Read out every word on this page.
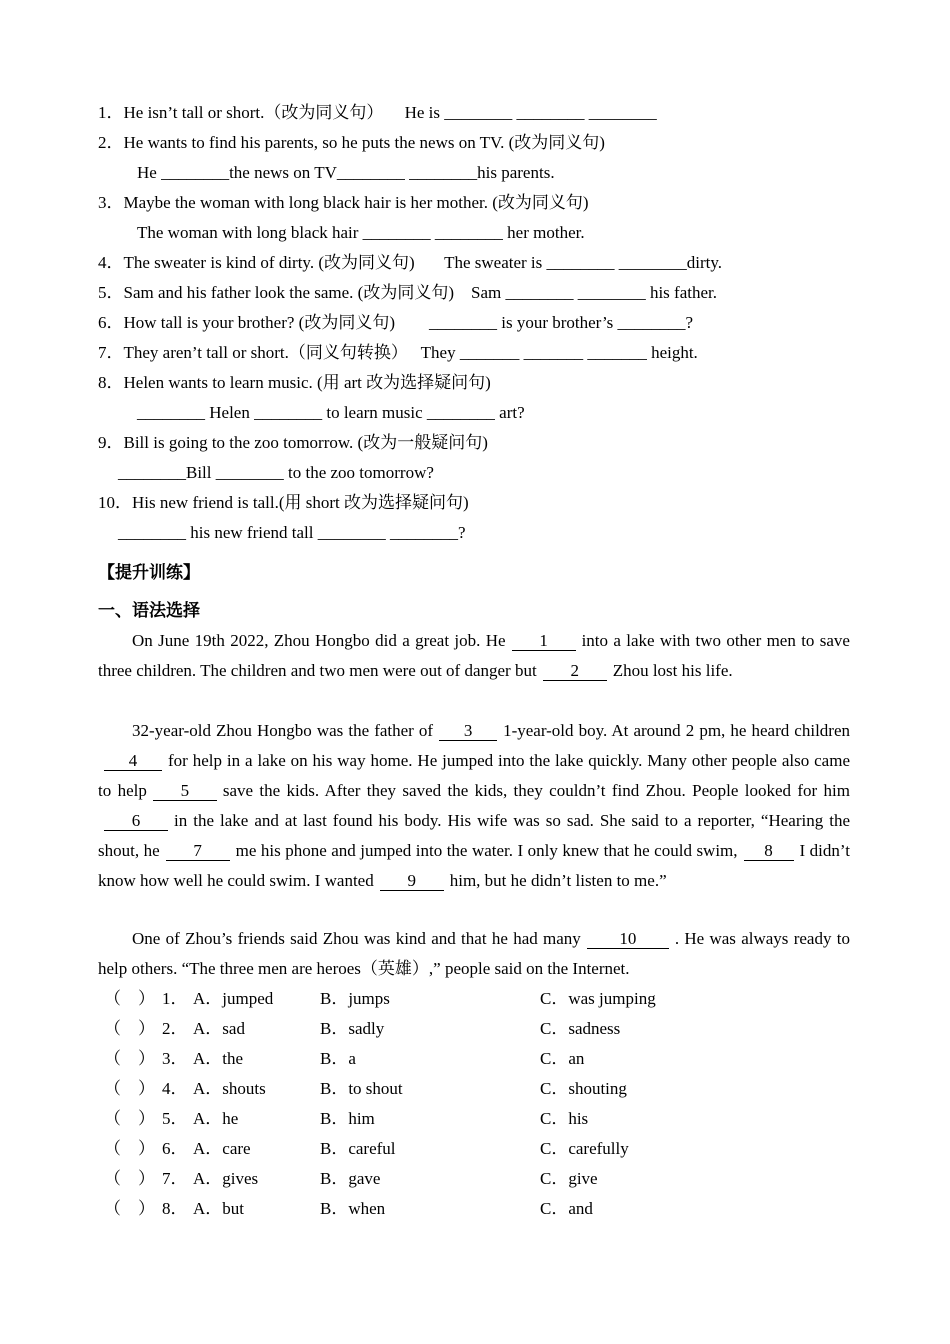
1．He isn’t tall or short.（改为同义句）     He is ________ ________ ________
2．He wants to find his parents, so he puts the news on TV. (改为同义句)
He ________the news on TV________ ________his parents.
3．Maybe the woman with long black hair is her mother. (改为同义句)
The woman with long black hair ________ ________ her mother.
4．The sweater is kind of dirty. (改为同义句)       The sweater is ________ ________dirty.
5．Sam and his father look the same. (改为同义句)    Sam ________ ________ his father.
6．How tall is your brother? (改为同义句)        ________ is your brother’s ________?
7．They aren’t tall or short.（同义句转换）   They _______ _______ _______ height.
8．Helen wants to learn music. (用 art 改为选择疑问句)
________ Helen ________ to learn music ________ art?
9．Bill is going to the zoo tomorrow. (改为一般疑问句)
________Bill ________ to the zoo tomorrow?
10．His new friend is tall.(用 short 改为选择疑问句)
________ his new friend tall ________ ________?
【提升训练】
一、语法选择
On June 19th 2022, Zhou Hongbo did a great job. He 1 into a lake with two other men to save three children. The children and two men were out of danger but 2 Zhou lost his life.
32-year-old Zhou Hongbo was the father of 3 1-year-old boy. At around 2 pm, he heard children4 for help in a lake on his way home. He jumped into the lake quickly. Many other people also came to help 5 save the kids. After they saved the kids, they couldn’t find Zhou. People looked for him6 in the lake and at last found his body. His wife was so sad. She said to a reporter, “Hearing the shout, he 7 me his phone and jumped into the water. I only knew that he could swim, 8 I didn’t know how well he could swim. I wanted 9 him, but he didn’t listen to me.”
One of Zhou’s friends said Zhou was kind and that he had many 10 . He was always ready to help others. “The three men are heroes（英雄）,” people said on the Internet.
（    ） 1． A．jumped	B．jumps	C．was jumping
（    ） 2． A．sad	B．sadly	C．sadness
（    ） 3． A．the	B．a	C．an
（    ） 4． A．shouts	B．to shout	C．shouting
（    ） 5． A．he	B．him	C．his
（    ） 6． A．care	B．careful	C．carefully
（    ） 7． A．gives	B．gave	C．give
（    ） 8． A．but	B．when	C．and
